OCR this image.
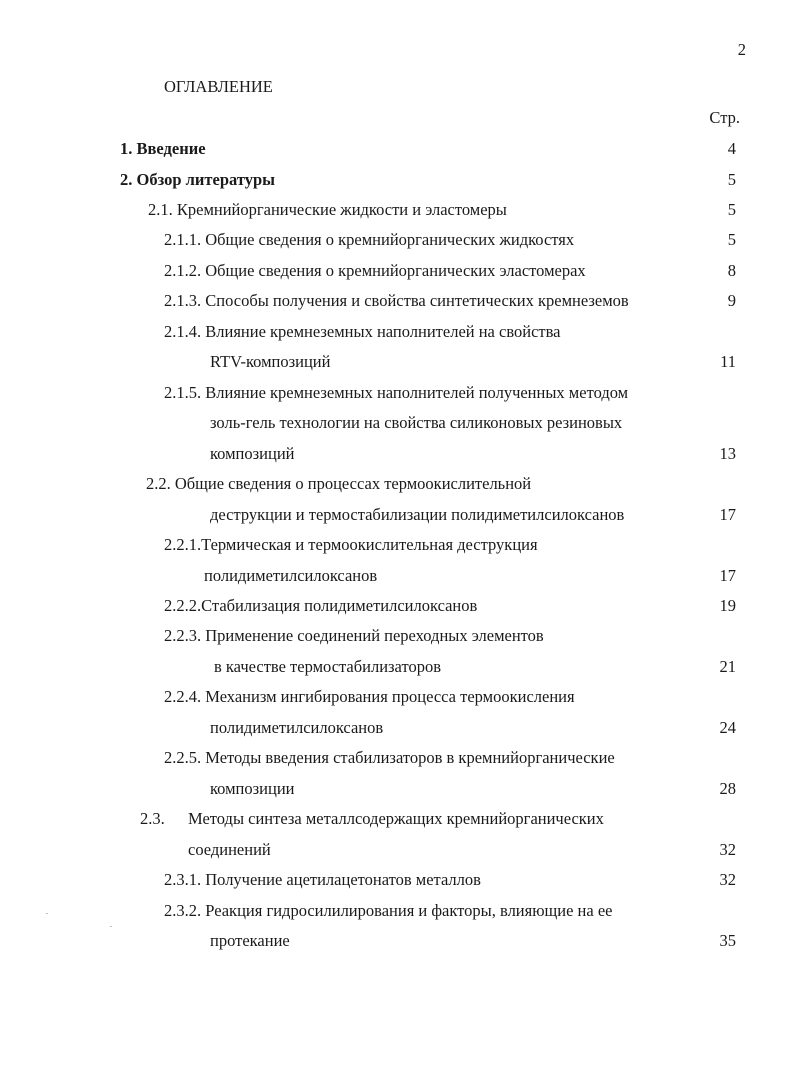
2
ОГЛАВЛЕНИЕ
Стр.
1. Введение	4
2. Обзор литературы	5
2.1. Кремнийорганические жидкости и эластомеры	5
2.1.1. Общие сведения о кремнийорганических жидкостях	5
2.1.2. Общие сведения о кремнийорганических эластомерах	8
2.1.3. Способы получения и свойства синтетических кремнеземов	9
2.1.4. Влияние кремнеземных наполнителей на свойства
RTV-композиций	11
2.1.5. Влияние кремнеземных наполнителей полученных методом
золь-гель технологии на свойства силиконовых резиновых
композиций	13
2.2. Общие сведения о процессах термоокислительной
деструкции и термостабилизации полидиметилсилоксанов	17
2.2.1.Термическая и термоокислительная деструкция
полидиметилсилоксанов	17
2.2.2.Стабилизация полидиметилсилоксанов	19
2.2.3. Применение соединений переходных элементов
в качестве термостабилизаторов	21
2.2.4. Механизм ингибирования процесса термоокисления
полидиметилсилоксанов	24
2.2.5. Методы введения стабилизаторов в кремнийорганические
композиции	28
2.3. Методы синтеза металлсодержащих кремнийорганических
соединений	32
2.3.1. Получение ацетилацетонатов металлов	32
2.3.2. Реакция гидросилилирования и факторы, влияющие на ее
протекание	35
